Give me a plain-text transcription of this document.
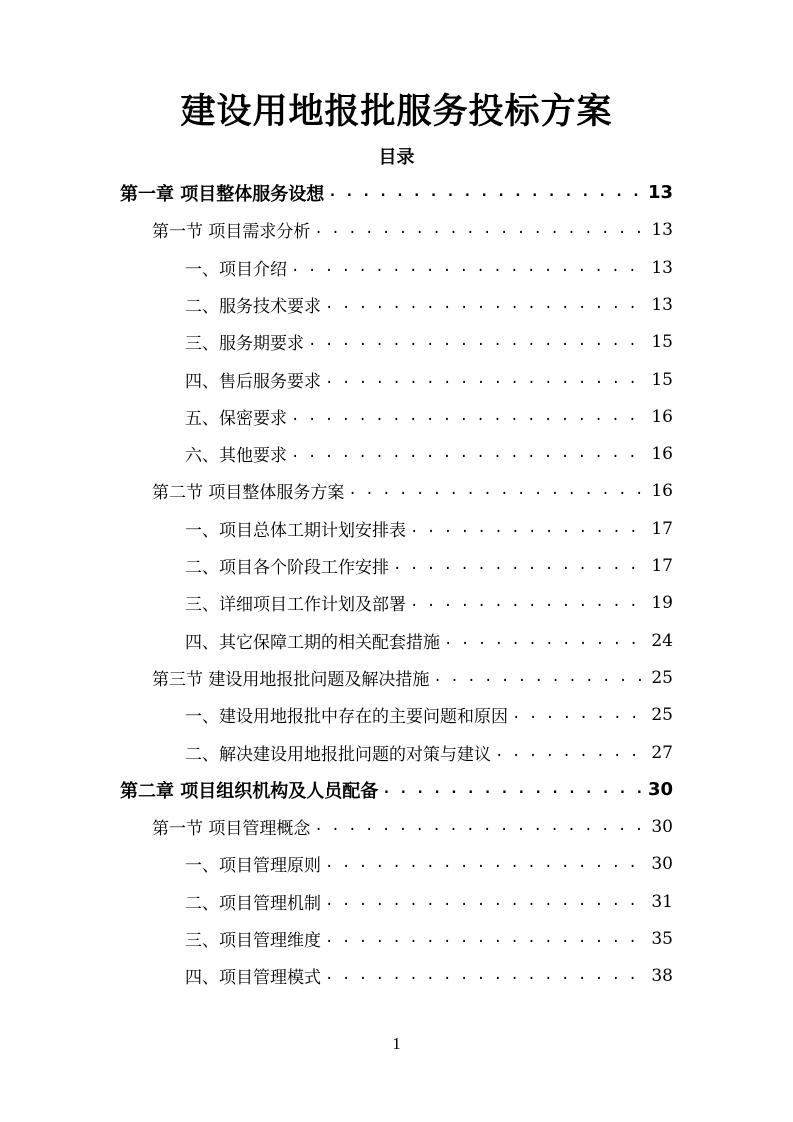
建设用地报批服务投标方案
目录
第一章 项目整体服务设想 . . .	13
第一节 项目需求分析 . . .	13
一、项目介绍 . . .	13
二、服务技术要求 . . .	13
三、服务期要求 . . .	15
四、售后服务要求 . . .	15
五、保密要求 . . .	16
六、其他要求 . . .	16
第二节 项目整体服务方案 . . .	16
一、项目总体工期计划安排表 . . .	17
二、项目各个阶段工作安排 . . .	17
三、详细项目工作计划及部署 . . .	19
四、其它保障工期的相关配套措施 . . .	24
第三节 建设用地报批问题及解决措施 . . .	25
一、建设用地报批中存在的主要问题和原因 . . .	25
二、解决建设用地报批问题的对策与建议 . . .	27
第二章 项目组织机构及人员配备 . . .	30
第一节 项目管理概念 . . .	30
一、项目管理原则 . . .	30
二、项目管理机制 . . .	31
三、项目管理维度 . . .	35
四、项目管理模式 . . .	38
1
